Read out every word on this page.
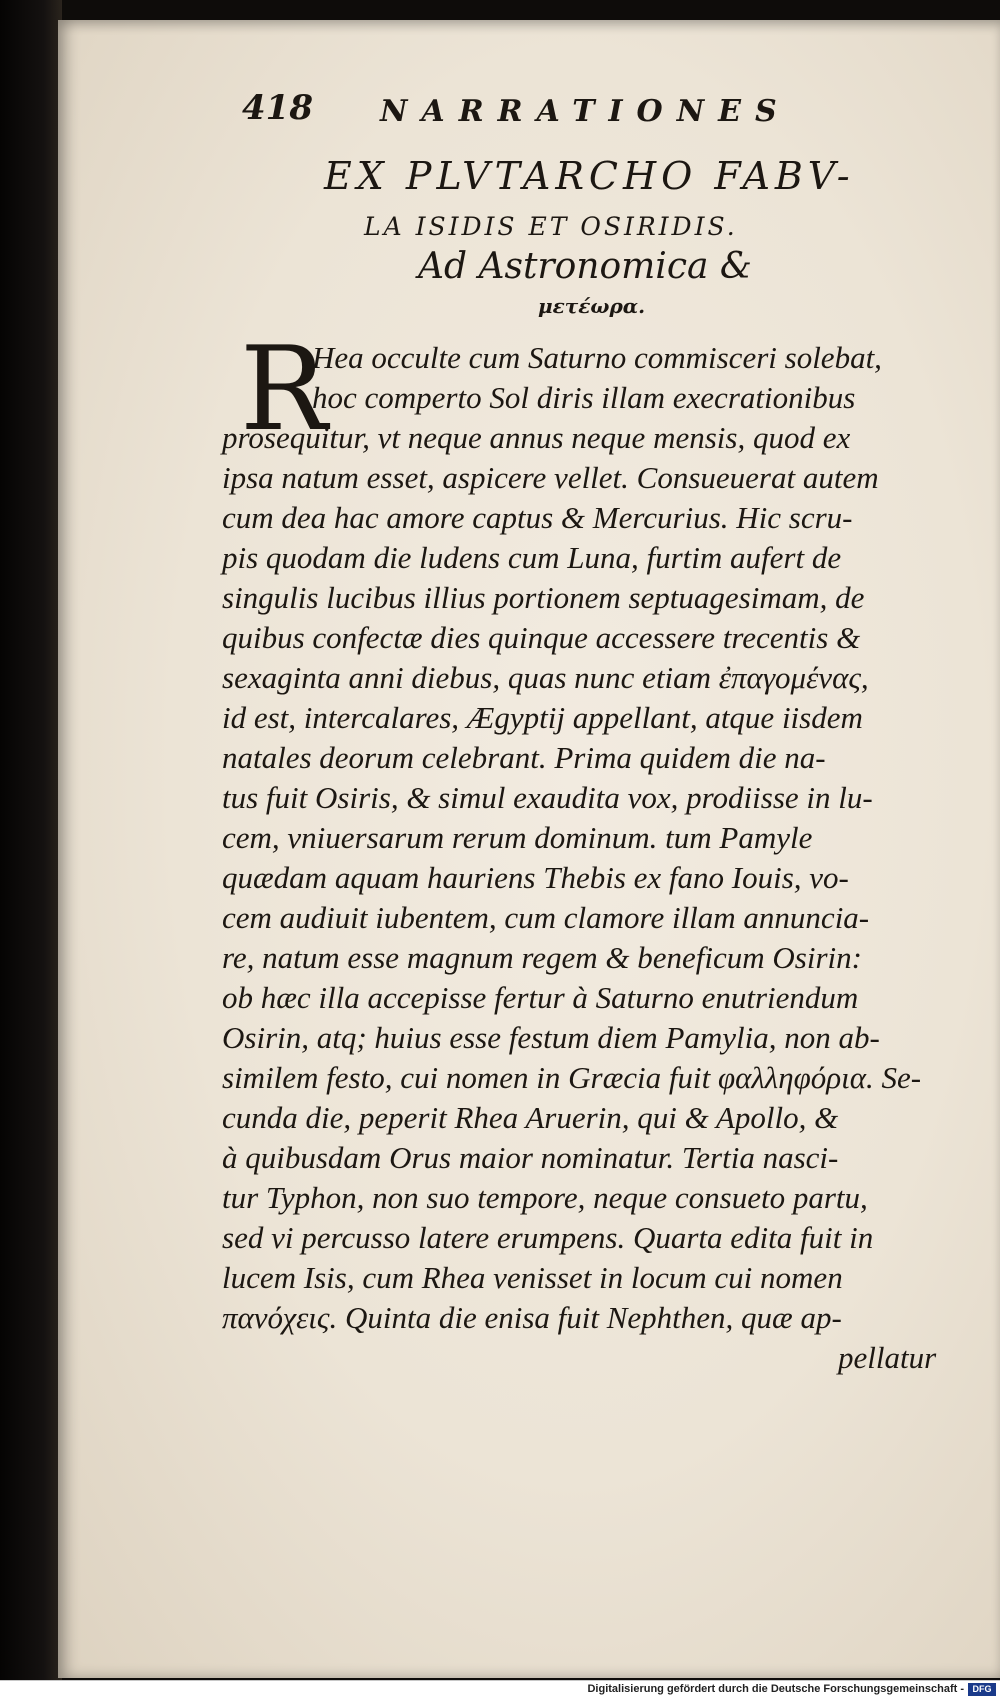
418 NARRATIONES
EX PLVTARCHO FABV-
LA ISIDIS ET OSIRIDIS.
Ad Astronomica &
μετέωρα.
R
Hea occulte cum Saturno commisceri solebat,
hoc comperto Sol diris illam execrationibus
prosequitur, vt neque annus neque mensis, quod ex
ipsa natum esset, aspicere vellet. Consueuerat autem
cum dea hac amore captus & Mercurius. Hic scru-
pis quodam die ludens cum Luna, furtim aufert de
singulis lucibus illius portionem septuagesimam, de
quibus confectæ dies quinque accessere trecentis &
sexaginta anni diebus, quas nunc etiam ἐπαγομένας,
id est, intercalares, Ægyptij appellant, atque iisdem
natales deorum celebrant. Prima quidem die na-
tus fuit Osiris, & simul exaudita vox, prodiisse in lu-
cem, vniuersarum rerum dominum. tum Pamyle
quædam aquam hauriens Thebis ex fano Iouis, vo-
cem audiuit iubentem, cum clamore illam annuncia-
re, natum esse magnum regem & beneficum Osirin:
ob hæc illa accepisse fertur à Saturno enutriendum
Osirin, atq; huius esse festum diem Pamylia, non ab-
similem festo, cui nomen in Græcia fuit φαλληφόρια. Se-
cunda die, peperit Rhea Aruerin, qui & Apollo, &
à quibusdam Orus maior nominatur. Tertia nasci-
tur Typhon, non suo tempore, neque consueto partu,
sed vi percusso latere erumpens. Quarta edita fuit in
lucem Isis, cum Rhea venisset in locum cui nomen
πανόχεις. Quinta die enisa fuit Nephthen, quæ ap-
pellatur
Digitalisierung gefördert durch die Deutsche Forschungsgemeinschaft - DFG
